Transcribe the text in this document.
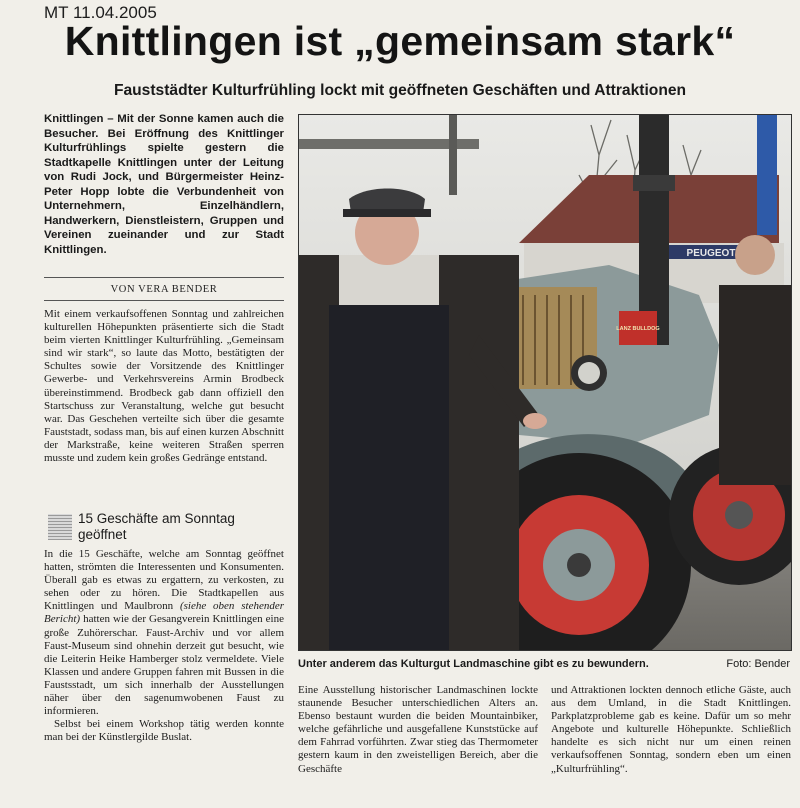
MT 11.04.2005
Knittlingen ist „gemeinsam stark“
Fauststädter Kulturfrühling lockt mit geöffneten Geschäften und Attraktionen
Knittlingen – Mit der Sonne kamen auch die Besucher. Bei Eröffnung des Knittlinger Kulturfrühlings spielte gestern die Stadtkapelle Knittlingen unter der Leitung von Rudi Jock, und Bürgermeister Heinz-Peter Hopp lobte die Verbundenheit von Unternehmern, Einzelhändlern, Handwerkern, Dienstleistern, Gruppen und Vereinen zueinander und zur Stadt Knittlingen.
VON VERA BENDER

Mit einem verkaufsoffenen Sonntag und zahlreichen kulturellen Höhepunkten präsentierte sich die Stadt beim vierten Knittlinger Kulturfrühling. „Gemeinsam sind wir stark“, so laute das Motto, bestätigten der Schultes sowie der Vorsitzende des Knittlinger Gewerbe- und Verkehrsvereins Armin Brodbeck übereinstimmend. Brodbeck gab dann offiziell den Startschuss zur Veranstaltung, welche gut besucht war. Das Geschehen verteilte sich über die gesamte Fauststadt, sodass man, bis auf einen kurzen Abschnitt der Markstraße, keine weiteren Straßen sperren musste und zudem kein großes Gedränge entstand.

15 Geschäfte am Sonntag geöffnet

In die 15 Geschäfte, welche am Sonntag geöffnet hatten, strömten die Interessenten und Konsumenten. Überall gab es etwas zu ergattern, zu verkosten, zu sehen oder zu hören. Die Stadtkapellen aus Knittlingen und Maulbronn (siehe oben stehender Bericht) hatten wie der Gesangverein Knittlingen eine große Zuhörerschar. Faust-Archiv und vor allem Faust-Museum sind ohnehin derzeit gut besucht, wie die Leiterin Heike Hamberger stolz vermeldete. Viele Klassen und andere Gruppen fahren mit Bussen in die Faustsstadt, um sich innerhalb der Ausstellungen näher über den sagenumwobenen Faust zu informieren.

Selbst bei einem Workshop tätig werden konnte man bei der Künstlergilde Buslat.

PEUGEOT
LANZ BULLDOG
Unter anderem das Kulturgut Landmaschine gibt es zu bewundern.	Foto: Bender

Eine Ausstellung historischer Landmaschinen lockte staunende Besucher unterschiedlichen Alters an. Ebenso bestaunt wurden die beiden Mountainbiker, welche gefährliche und ausgefallene Kunststücke auf dem Fahrrad vorführten. Zwar stieg das Thermometer gestern kaum in den zweistelligen Bereich, aber die Geschäfte

und Attraktionen lockten dennoch etliche Gäste, auch aus dem Umland, in die Stadt Knittlingen. Parkplatzprobleme gab es keine. Dafür um so mehr Angebote und kulturelle Höhepunkte. Schließlich handelte es sich nicht nur um einen reinen verkaufsoffenen Sonntag, sondern eben um einen „Kulturfrühling“.
